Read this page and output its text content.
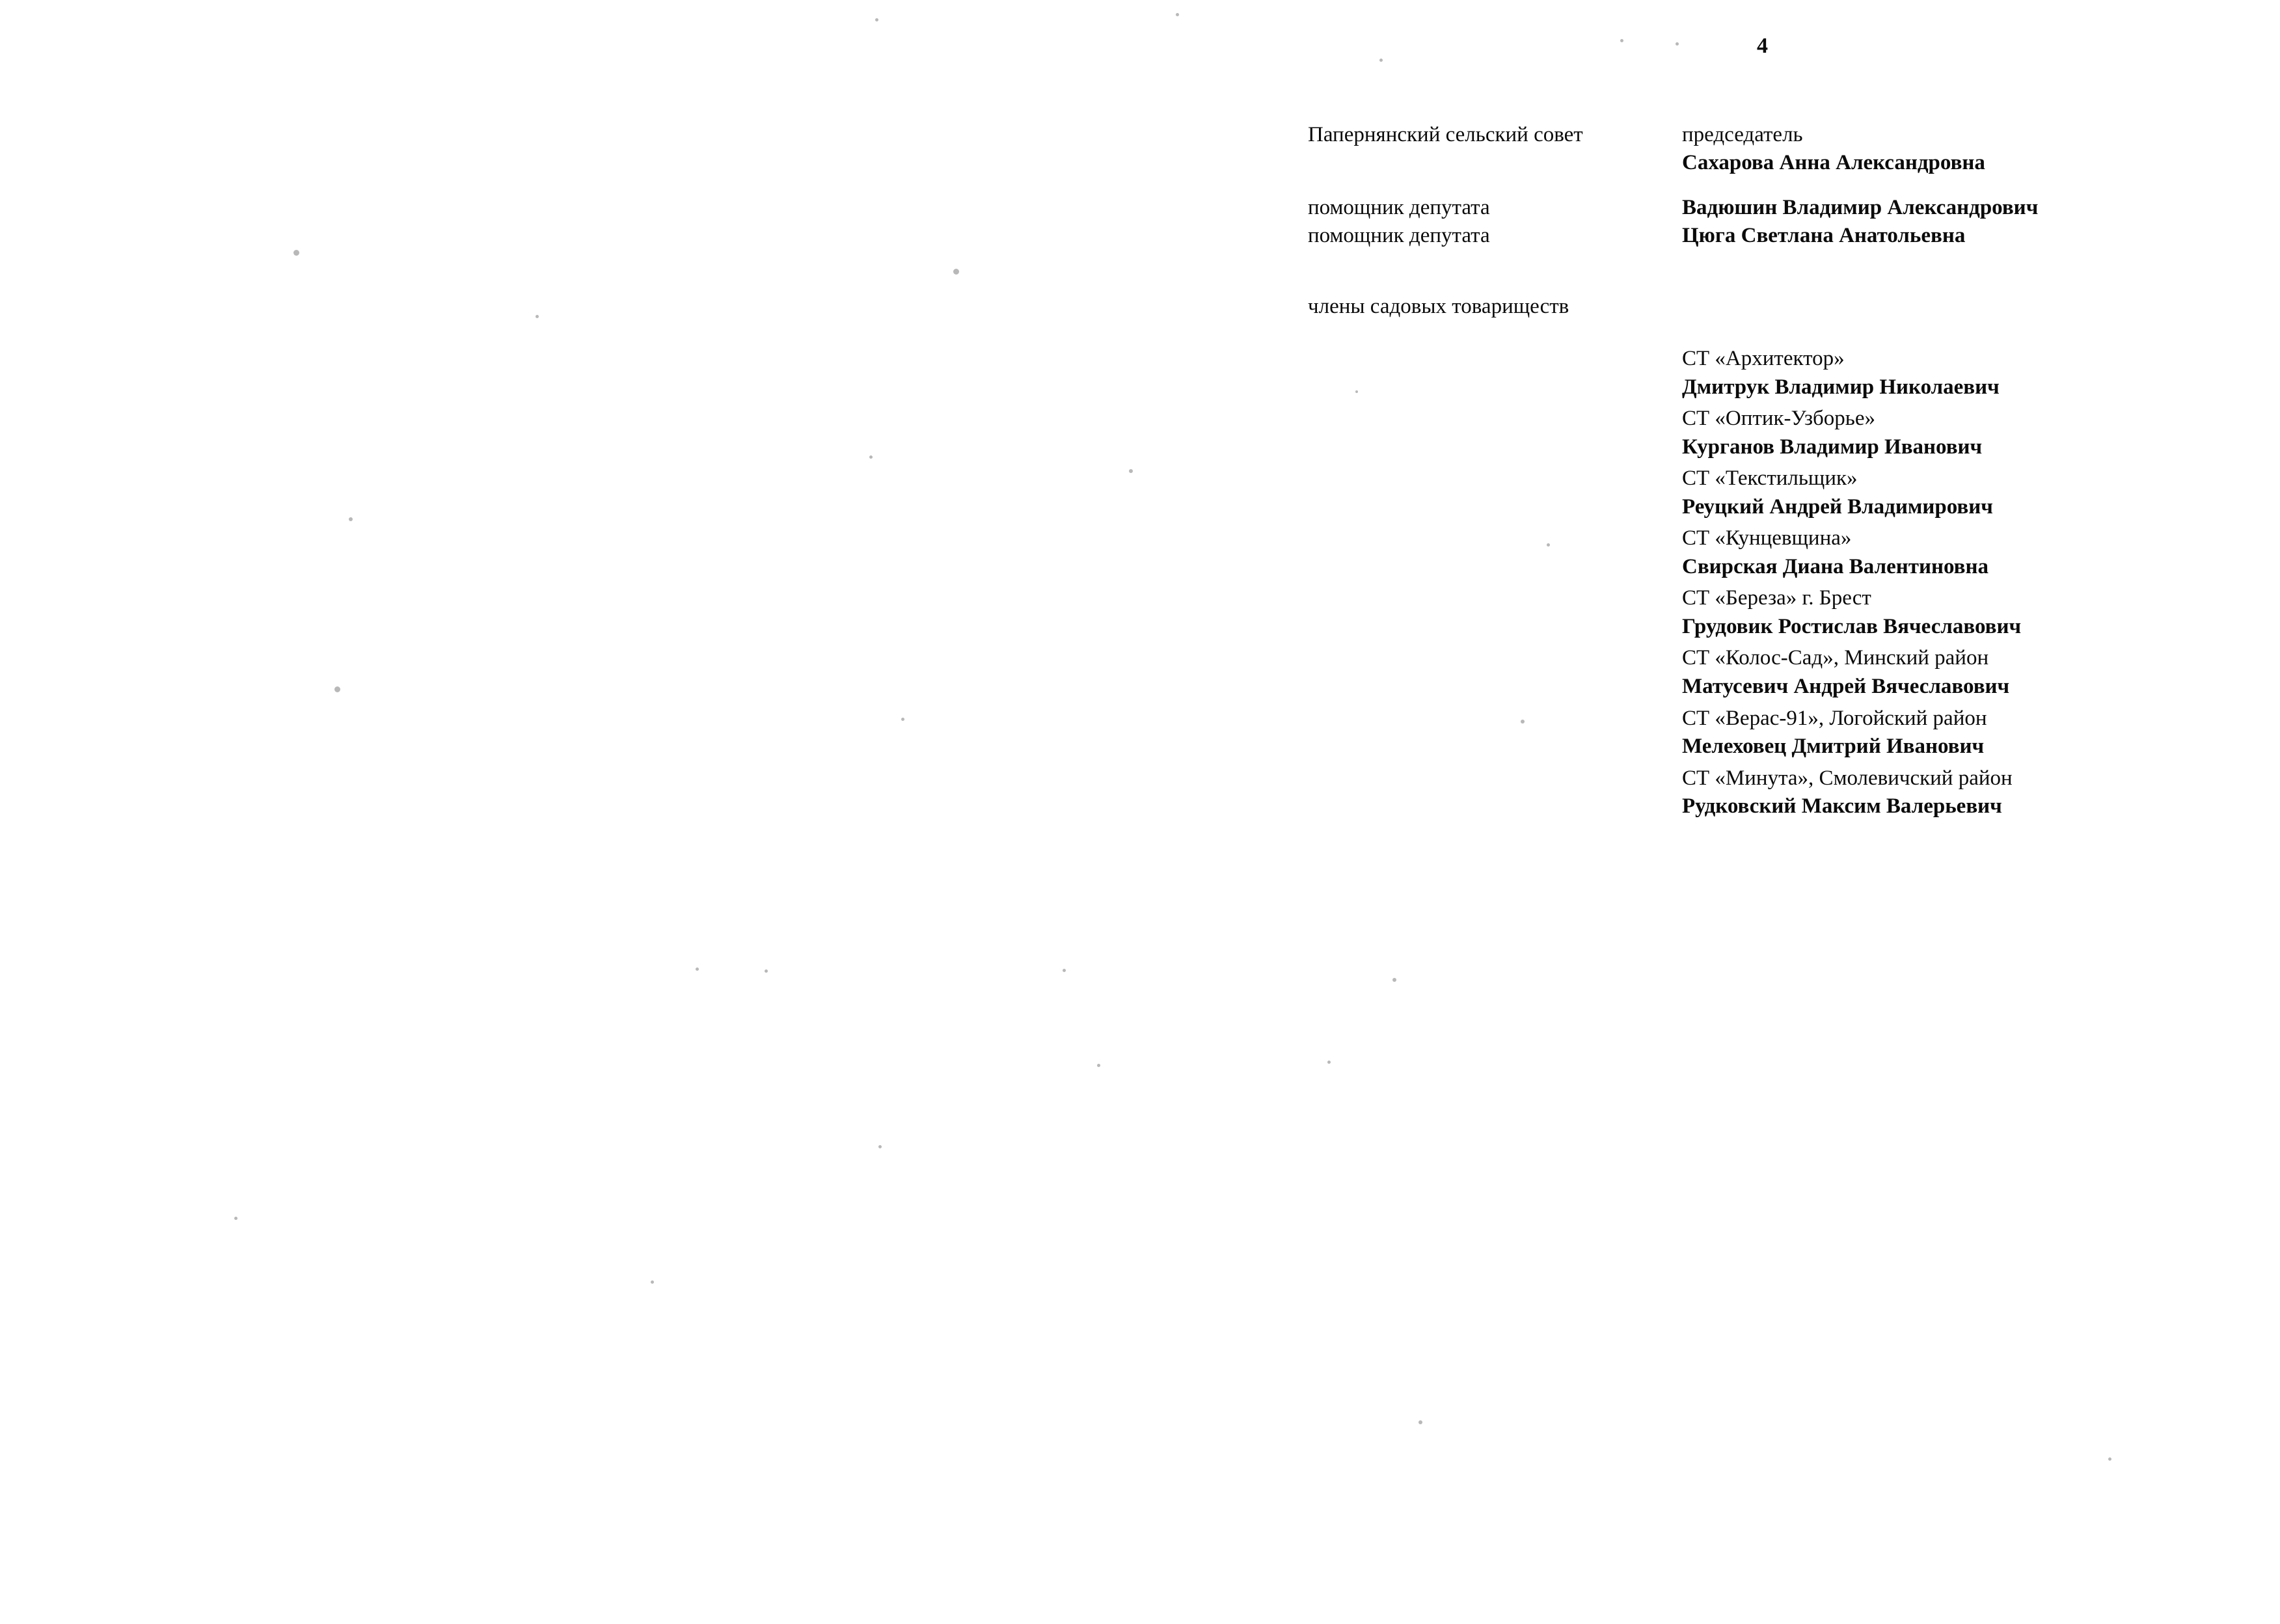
4
Папернянский сельский совет	председатель
Сахарова Анна Александровна
помощник депутата	Вадюшин Владимир Александрович
помощник депутата	Цюга Светлана Анатольевна
члены садовых товариществ
СТ «Архитектор»
Дмитрук Владимир Николаевич
СТ «Оптик-Узборье»
Курганов Владимир Иванович
СТ «Текстильщик»
Реуцкий Андрей Владимирович
СТ «Кунцевщина»
Свирская Диана Валентиновна
СТ «Береза» г. Брест
Грудовик Ростислав Вячеславович
СТ «Колос-Сад», Минский район
Матусевич Андрей Вячеславович
СТ «Верас-91», Логойский район
Мелеховец Дмитрий Иванович
СТ «Минута», Смолевичский район
Рудковский Максим Валерьевич
